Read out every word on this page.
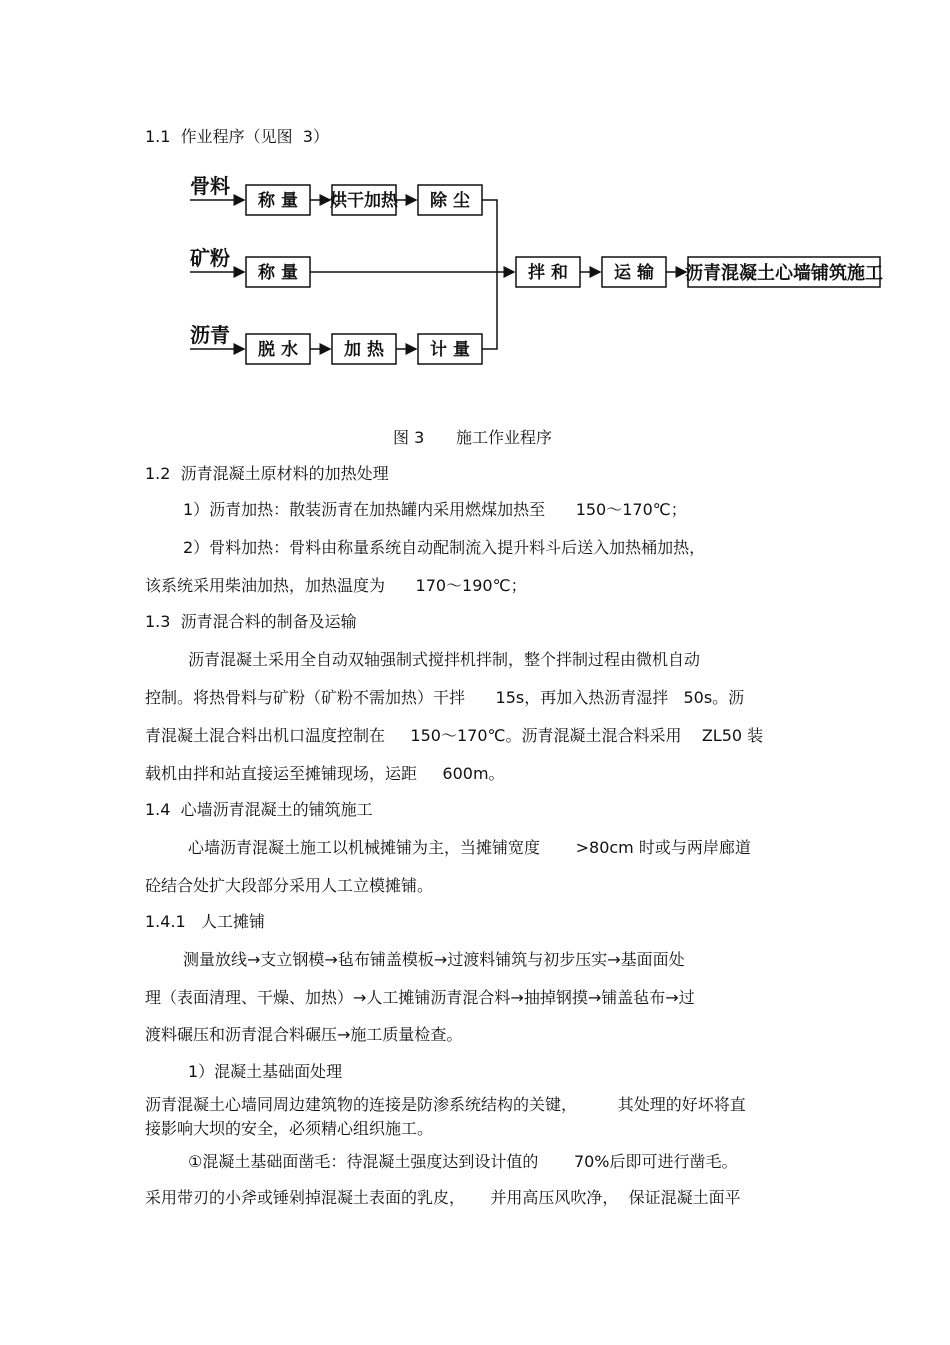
1.1  作业程序（见图  3）
骨料
矿粉
沥青
称 量 烘干加热 除 尘
称 量
脱 水	加 热	计 量
拌 和	运 输 沥青混凝土心墙铺筑施工
图 3 施工作业程序
1.2  沥青混凝土原材料的加热处理
1）沥青加热：散装沥青在加热罐内采用燃煤加热至      150～170℃；
2）骨料加热：骨料由称量系统自动配制流入提升料斗后送入加热桶加热，
该系统采用柴油加热，加热温度为      170～190℃；
1.3  沥青混合料的制备及运输
沥青混凝土采用全自动双轴强制式搅拌机拌制，整个拌制过程由微机自动
控制。将热骨料与矿粉（矿粉不需加热）干拌      15s，再加入热沥青湿拌   50s。沥
青混凝土混合料出机口温度控制在     150～170℃。沥青混凝土混合料采用    ZL50 装
载机由拌和站直接运至摊铺现场，运距     600m。
1.4  心墙沥青混凝土的铺筑施工
心墙沥青混凝土施工以机械摊铺为主，当摊铺宽度       >80cm 时或与两岸廊道
砼结合处扩大段部分采用人工立模摊铺。
1.4.1   人工摊铺
测量放线→支立钢模→毡布铺盖模板→过渡料铺筑与初步压实→基面面处
理（表面清理、干燥、加热）→人工摊铺沥青混合料→抽掉钢摸→铺盖毡布→过
渡料碾压和沥青混合料碾压→施工质量检查。
1）混凝土基础面处理
沥青混凝土心墙同周边建筑物的连接是防渗系统结构的关键，        其处理的好坏将直
接影响大坝的安全，必须精心组织施工。
①混凝土基础面凿毛：待混凝土强度达到设计值的       70%后即可进行凿毛。
采用带刃的小斧或锤剁掉混凝土表面的乳皮，     并用高压风吹净，  保证混凝土面平
